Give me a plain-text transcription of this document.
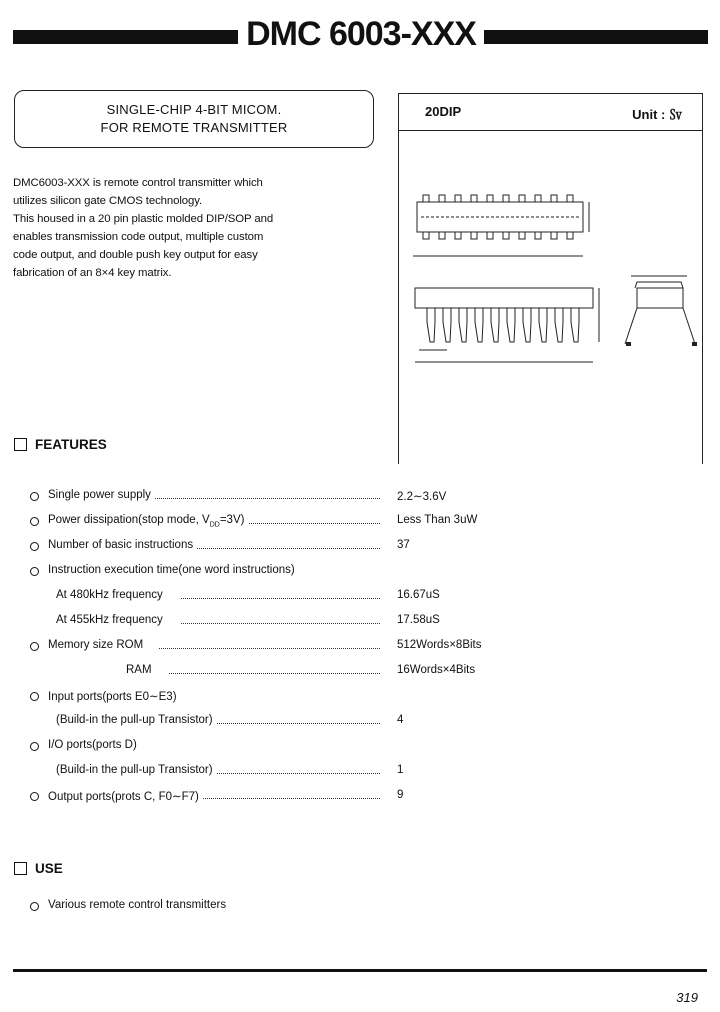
DMC 6003-XXX
SINGLE-CHIP 4-BIT MICOM.
FOR REMOTE TRANSMITTER
DMC6003-XXX is remote control transmitter which
utilizes silicon gate CMOS technology.
This housed in a 20 pin plastic molded DIP/SOP and
enables transmission code output, multiple custom
code output, and double push key output for easy
fabrication of an 8×4 key matrix.
20DIP	Unit : ㏜
FEATURES
Single power supply	2.2∼3.6V
Power dissipation(stop mode, $V_{DD}=3V$)	Less Than 3uW
Number of basic instructions	37
Instruction execution time(one word instructions)
At 480kHz frequency	16.67uS
At 455kHz frequency	17.58uS
Memory size ROM	512Words×8Bits
RAM	16Words×4Bits
Input ports(ports E0∼E3)
(Build-in the pull-up Transistor)	4
I/O ports(ports D)
(Build-in the pull-up Transistor)	1
Output ports(prots C, F0∼F7)	9
USE
Various remote control transmitters
319
